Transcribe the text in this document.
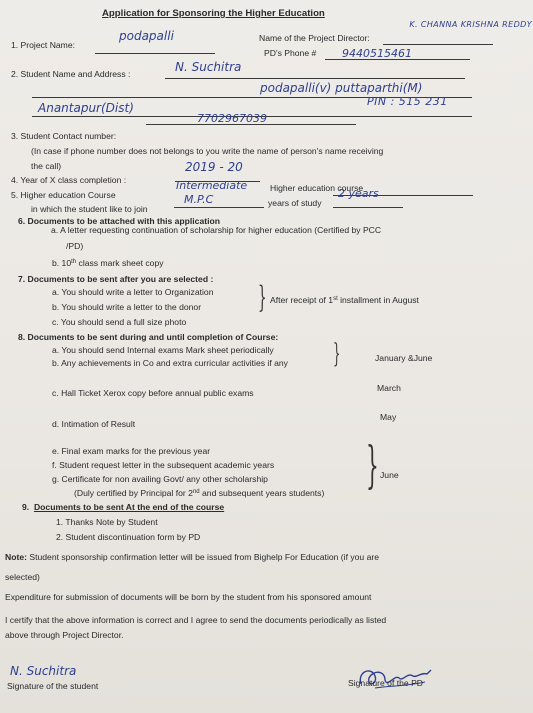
Application for Sponsoring the Higher Education
1. Project Name:
podapalli	Name of the Project Director:
K. CHANNA KRISHNA REDDY
PD's Phone # 9440515461
2. Student Name and Address :	N. Suchitra
podapalli(v) puttaparthi(M)
Anantapur(Dist)	PIN : 515 231
3. Student Contact number:
7702967039
(In case if phone number does not belongs to you write the name of person's name receiving
the call)
4. Year of X class completion :
2019 - 20
5. Higher education Course
Intermediate	Higher education course
in which the student like to join
M.P.C	years of study
2 years
6. Documents to be attached with this application
a. A letter requesting continuation of scholarship for higher education (Certified by PCC
/PD)
b. 10th class mark sheet copy
7. Documents to be sent after you are selected :
a. You should write a letter to Organization
b. You should write a letter to the donor
c. You should send a full size photo
} After receipt of 1st installment in August
8. Documents to be sent during and until completion of Course:
a. You should send Internal exams Mark sheet periodically
b. Any achievements in Co and extra curricular activities if any }	January &June
c. Hall Ticket Xerox copy before annual public exams	March
d. Intimation of Result
May
e. Final exam marks for the previous year
f. Student request letter in the subsequent academic years
g. Certificate for non availing Govt/ any other scholarship
(Duly certified by Principal for 2nd and subsequent years students) } June
9. Documents to be sent At the end of the course
1. Thanks Note by Student
2. Student discontinuation form by PD
Note: Student sponsorship confirmation letter will be issued from Bighelp For Education (if you are
selected)
Expenditure for submission of documents will be born by the student from his sponsored amount
I certify that the above information is correct and I agree to send the documents periodically as listed
above through Project Director.
N. Suchitra
Signature of the student	Signature of the PD
